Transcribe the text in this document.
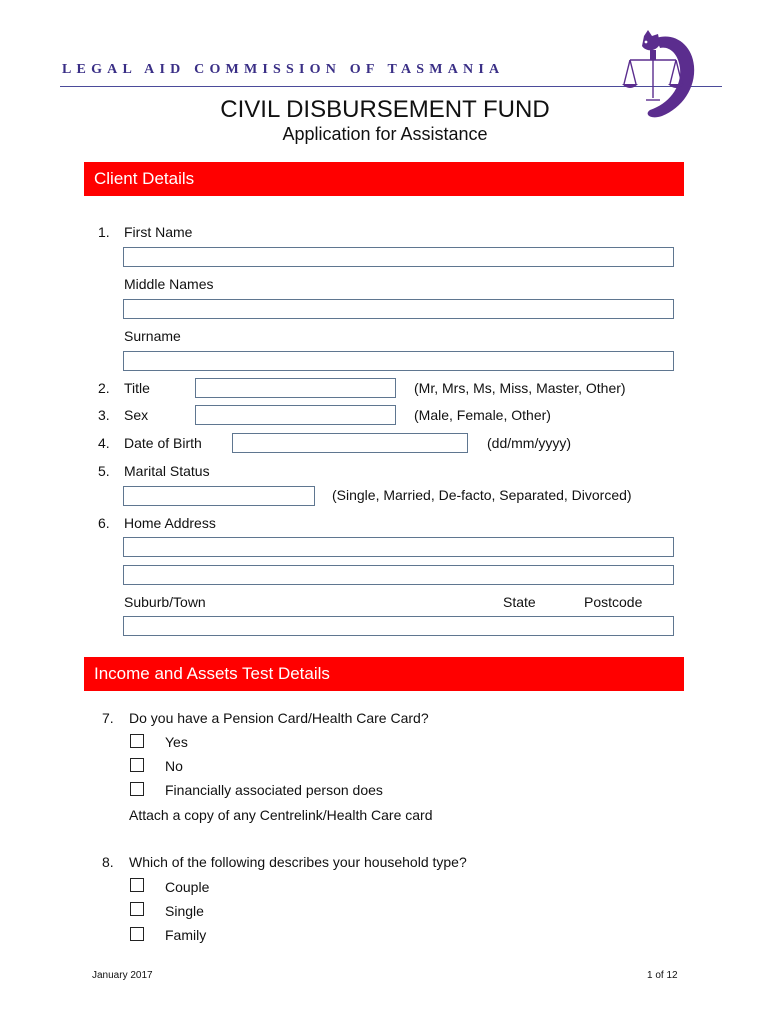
LEGAL AID COMMISSION OF TASMANIA
CIVIL DISBURSEMENT FUND
Application for Assistance
Client Details
1. First Name
Middle Names
Surname
2. Title	(Mr, Mrs, Ms, Miss, Master, Other)
3. Sex	(Male, Female, Other)
4. Date of Birth	(dd/mm/yyyy)
5. Marital Status
(Single, Married, De-facto, Separated, Divorced)
6. Home Address
Suburb/Town	State	Postcode
Income and Assets Test Details
7. Do you have a Pension Card/Health Care Card?
Yes
No
Financially associated person does
Attach a copy of any Centrelink/Health Care card
8. Which of the following describes your household type?
Couple
Single
Family
January 2017	1 of 12
